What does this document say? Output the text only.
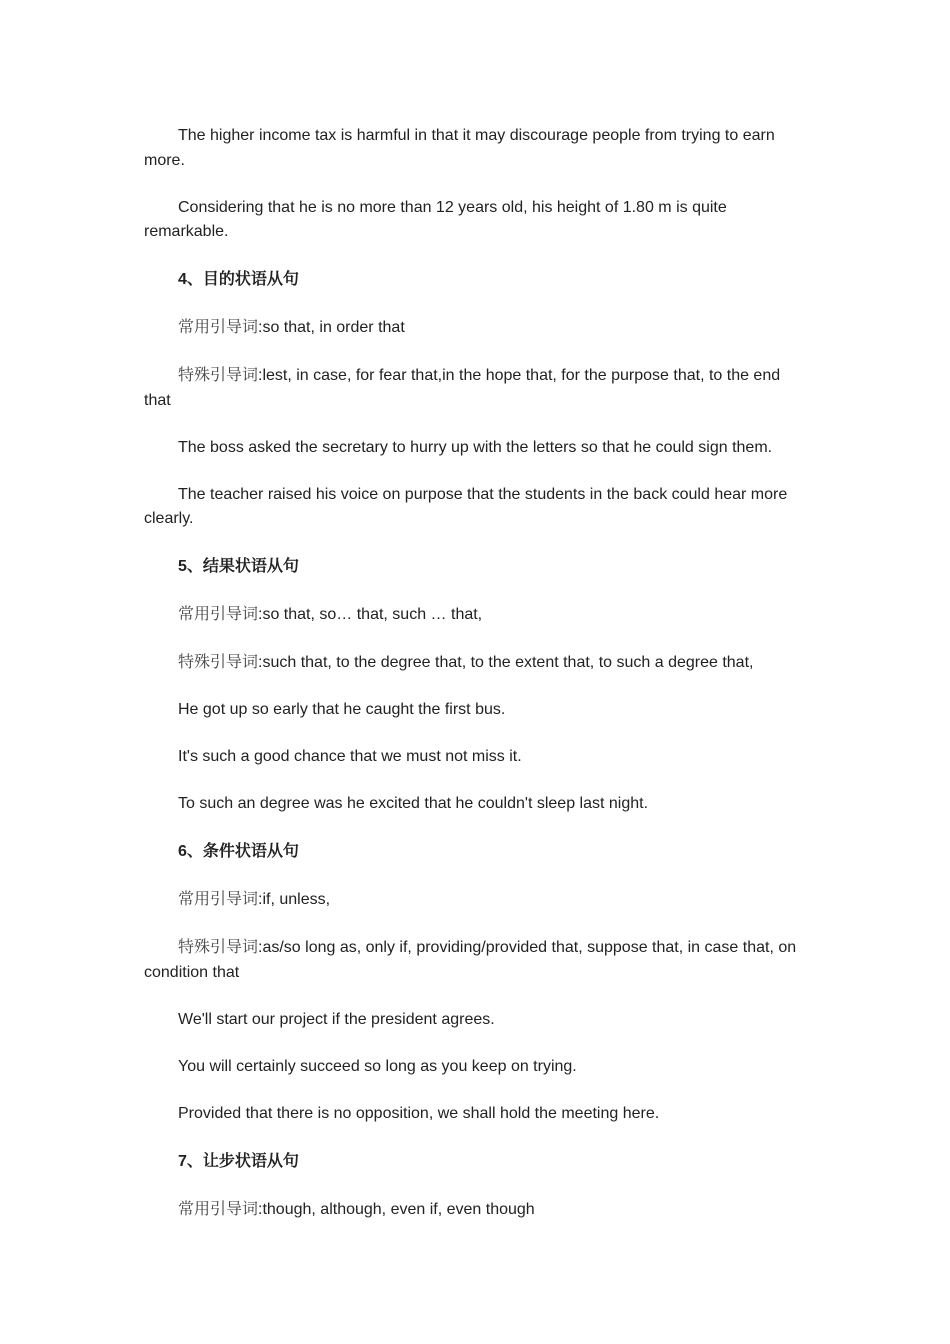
The higher income tax is harmful in that it may discourage people from trying to earn more.

Considering that he is no more than 12 years old, his height of 1.80 m is quite remarkable.

4、目的状语从句

常用引导词:so that, in order that

特殊引导词:lest, in case, for fear that,in the hope that, for the purpose that, to the end that

The boss asked the secretary to hurry up with the letters so that he could sign them.

The teacher raised his voice on purpose that the students in the back could hear more clearly.

5、结果状语从句

常用引导词:so that, so… that, such … that,

特殊引导词:such that, to the degree that, to the extent that, to such a degree that,

He got up so early that he caught the first bus.

It's such a good chance that we must not miss it.

To such an degree was he excited that he couldn't sleep last night.

6、条件状语从句

常用引导词:if, unless,

特殊引导词:as/so long as, only if, providing/provided that, suppose that, in case that, on condition that

We'll start our project if the president agrees.

You will certainly succeed so long as you keep on trying.

Provided that there is no opposition, we shall hold the meeting here.

7、让步状语从句

常用引导词:though, although, even if, even though
